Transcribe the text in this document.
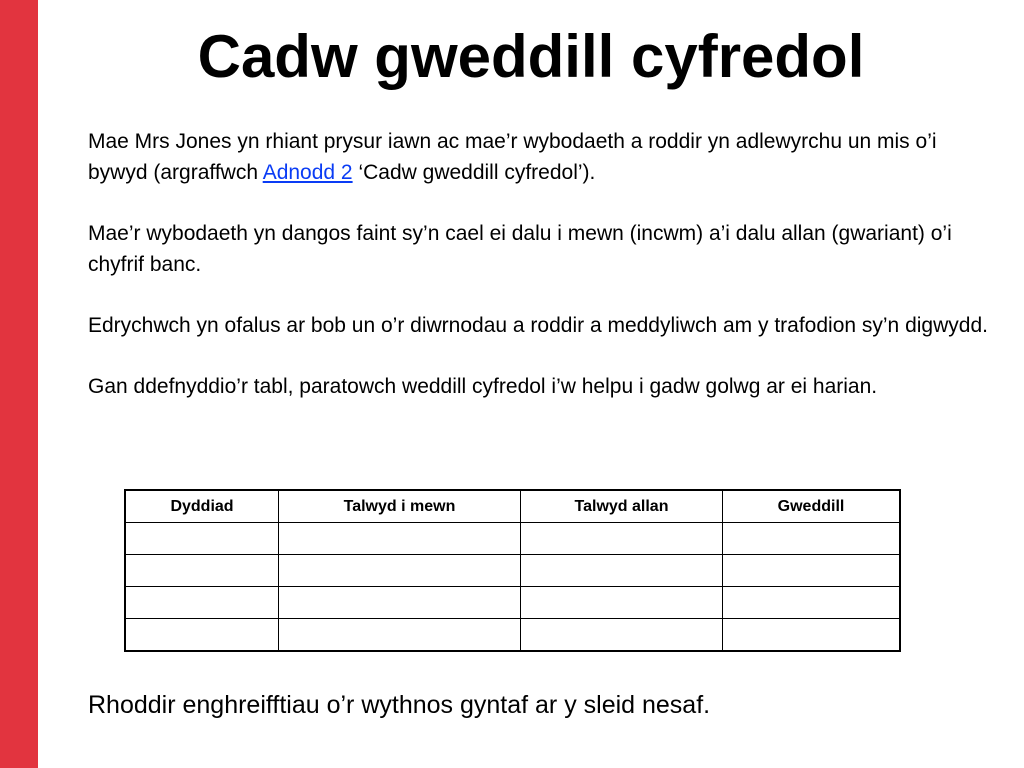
Cadw gweddill cyfredol

Mae Mrs Jones yn rhiant prysur iawn ac mae’r wybodaeth a roddir yn adlewyrchu un mis o’i bywyd (argraffwch Adnodd 2 ‘Cadw gweddill cyfredol’).

Mae’r wybodaeth yn dangos faint sy’n cael ei dalu i mewn (incwm) a’i dalu allan (gwariant) o’i chyfrif banc.

Edrychwch yn ofalus ar bob un o’r diwrnodau a roddir a meddyliwch am y trafodion sy’n digwydd.

Gan ddefnyddio’r tabl, paratowch weddill cyfredol i’w helpu i gadw golwg ar ei harian.

Dyddiad	Talwyd i mewn	Talwyd allan	Gweddill

Rhoddir enghreifftiau o’r wythnos gyntaf ar y sleid nesaf.
